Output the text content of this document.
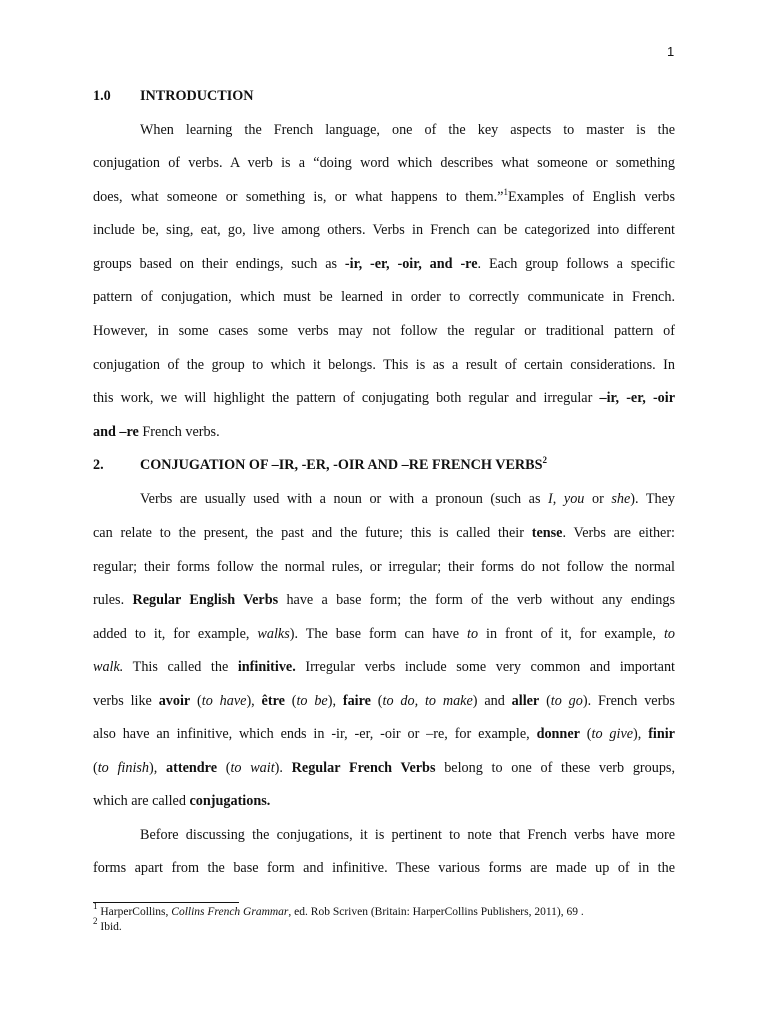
1
1.0 INTRODUCTION
When learning the French language, one of the key aspects to master is the
conjugation of verbs. A verb is a “doing word which describes what someone or something
does, what someone or something is, or what happens to them.”$^1$Examples of English verbs
include be, sing, eat, go, live among others. Verbs in French can be categorized into different
groups based on their endings, such as -ir, -er, -oir, and -re. Each group follows a specific
pattern of conjugation, which must be learned in order to correctly communicate in French.
However, in some cases some verbs may not follow the regular or traditional pattern of
conjugation of the group to which it belongs. This is as a result of certain considerations. In
this work, we will highlight the pattern of conjugating both regular and irregular –ir, -er, -oir
and –re French verbs.
2.	CONJUGATION OF –IR, -ER, -OIR AND –RE FRENCH VERBS$^2$
Verbs are usually used with a noun or with a pronoun (such as I, you or she). They
can relate to the present, the past and the future; this is called their tense. Verbs are either:
regular; their forms follow the normal rules, or irregular; their forms do not follow the normal
rules. Regular English Verbs have a base form; the form of the verb without any endings
added to it, for example, walks). The base form can have to in front of it, for example, to
walk. This called the infinitive. Irregular verbs include some very common and important
verbs like avoir (to have), être (to be), faire (to do, to make) and aller (to go). French verbs
also have an infinitive, which ends in -ir, -er, -oir or –re, for example, donner (to give), finir
(to finish), attendre (to wait). Regular French Verbs belong to one of these verb groups,
which are called conjugations.
Before discussing the conjugations, it is pertinent to note that French verbs have more
forms apart from the base form and infinitive. These various forms are made up of in the
$^1$ HarperCollins, Collins French Grammar, ed. Rob Scriven (Britain: HarperCollins Publishers, 2011), 69 .
$^2$ Ibid.
